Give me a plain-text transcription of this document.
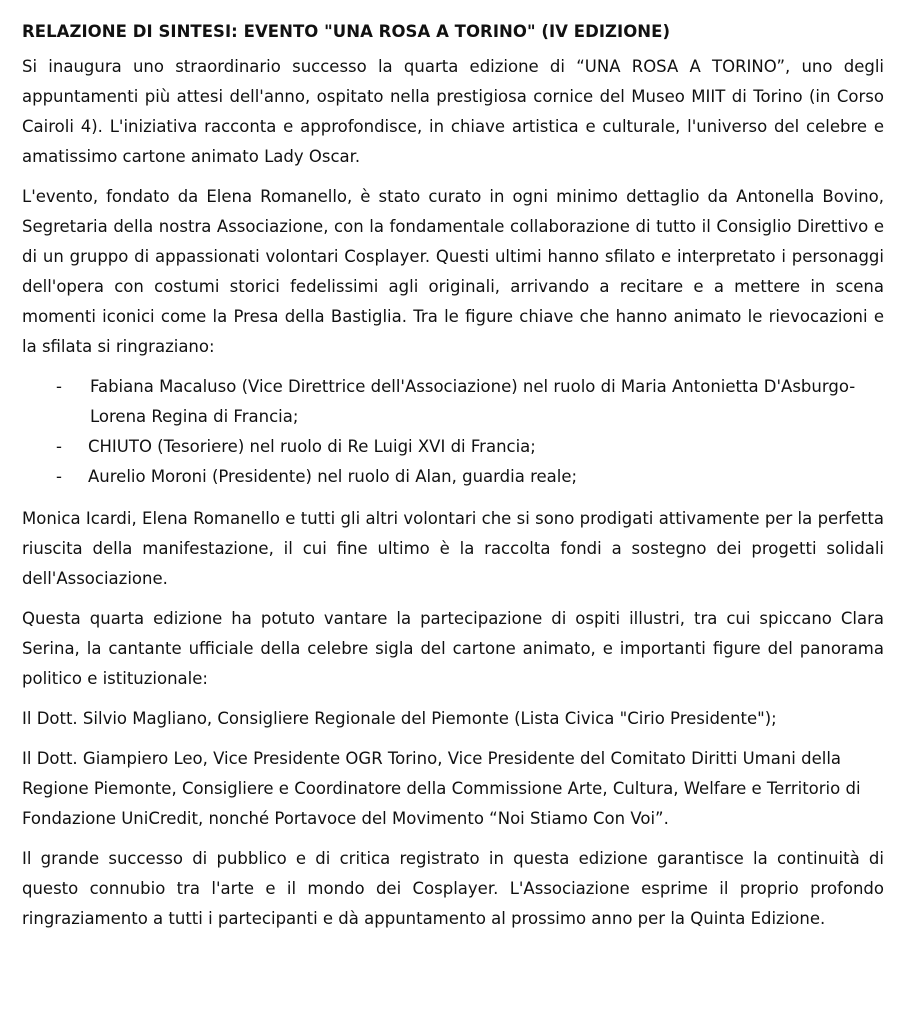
RELAZIONE DI SINTESI: EVENTO "UNA ROSA A TORINO" (IV EDIZIONE)

Si inaugura uno straordinario successo la quarta edizione di “UNA ROSA A TORINO”, uno degli appuntamenti più attesi dell'anno, ospitato nella prestigiosa cornice del Museo MIIT di Torino (in Corso Cairoli 4). L'iniziativa racconta e approfondisce, in chiave artistica e culturale, l'universo del celebre e amatissimo cartone animato Lady Oscar.

L'evento, fondato da Elena Romanello, è stato curato in ogni minimo dettaglio da Antonella Bovino, Segretaria della nostra Associazione, con la fondamentale collaborazione di tutto il Consiglio Direttivo e di un gruppo di appassionati volontari Cosplayer. Questi ultimi hanno sfilato e interpretato i personaggi dell'opera con costumi storici fedelissimi agli originali, arrivando a recitare e a mettere in scena momenti iconici come la Presa della Bastiglia. Tra le figure chiave che hanno animato le rievocazioni e la sfilata si ringraziano:

- Fabiana Macaluso (Vice Direttrice dell'Associazione) nel ruolo di Maria Antonietta D'Asburgo-Lorena Regina di Francia;
- CHIUTO (Tesoriere) nel ruolo di Re Luigi XVI di Francia;
- Aurelio Moroni (Presidente) nel ruolo di Alan, guardia reale;

Monica Icardi, Elena Romanello e tutti gli altri volontari che si sono prodigati attivamente per la perfetta riuscita della manifestazione, il cui fine ultimo è la raccolta fondi a sostegno dei progetti solidali dell'Associazione.

Questa quarta edizione ha potuto vantare la partecipazione di ospiti illustri, tra cui spiccano Clara Serina, la cantante ufficiale della celebre sigla del cartone animato, e importanti figure del panorama politico e istituzionale:

Il Dott. Silvio Magliano, Consigliere Regionale del Piemonte (Lista Civica "Cirio Presidente");

Il Dott. Giampiero Leo, Vice Presidente OGR Torino, Vice Presidente del Comitato Diritti Umani della Regione Piemonte, Consigliere e Coordinatore della Commissione Arte, Cultura, Welfare e Territorio di Fondazione UniCredit, nonché Portavoce del Movimento “Noi Stiamo Con Voi”.

Il grande successo di pubblico e di critica registrato in questa edizione garantisce la continuità di questo connubio tra l'arte e il mondo dei Cosplayer. L'Associazione esprime il proprio profondo ringraziamento a tutti i partecipanti e dà appuntamento al prossimo anno per la Quinta Edizione.
